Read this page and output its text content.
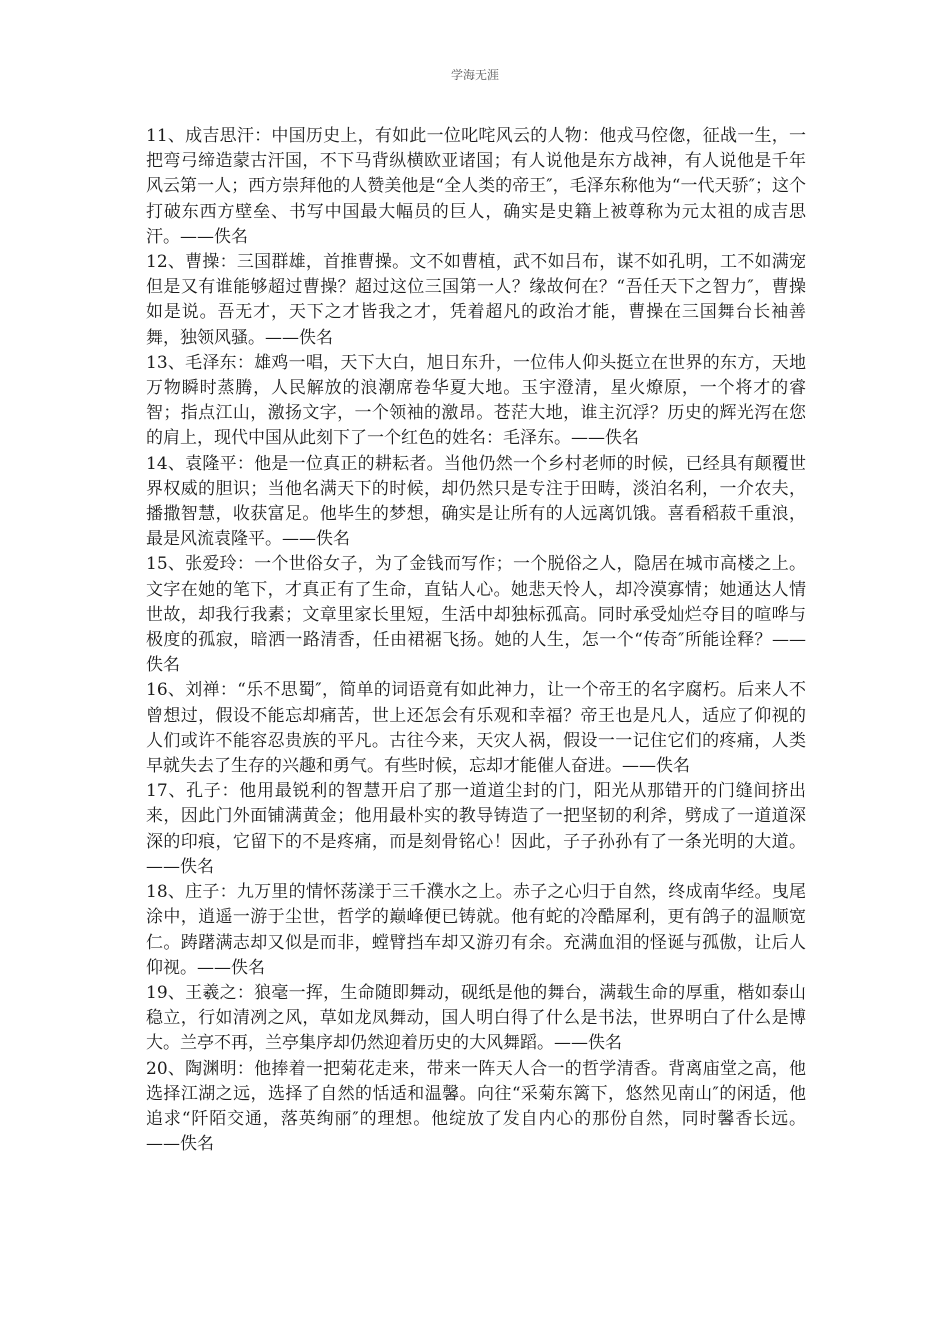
学海无涯

11、成吉思汗：中国历史上，有如此一位叱咤风云的人物：他戎马倥偬，征战一生，一把弯弓缔造蒙古汗国，不下马背纵横欧亚诸国；有人说他是东方战神，有人说他是千年风云第一人；西方崇拜他的人赞美他是“全人类的帝王″，毛泽东称他为“一代天骄″；这个打破东西方壁垒、书写中国最大幅员的巨人，确实是史籍上被尊称为元太祖的成吉思汗。——佚名

12、曹操：三国群雄，首推曹操。文不如曹植，武不如吕布，谋不如孔明，工不如满宠但是又有谁能够超过曹操？超过这位三国第一人？缘故何在？“吾任天下之智力″，曹操如是说。吾无才，天下之才皆我之才，凭着超凡的政治才能，曹操在三国舞台长袖善舞，独领风骚。——佚名

13、毛泽东：雄鸡一唱，天下大白，旭日东升，一位伟人仰头挺立在世界的东方，天地万物瞬时蒸腾，人民解放的浪潮席卷华夏大地。玉宇澄清，星火燎原，一个将才的睿智；指点江山，激扬文字，一个领袖的激昂。苍茫大地，谁主沉浮？历史的辉光泻在您的肩上，现代中国从此刻下了一个红色的姓名：毛泽东。——佚名

14、袁隆平：他是一位真正的耕耘者。当他仍然一个乡村老师的时候，已经具有颠覆世界权威的胆识；当他名满天下的时候，却仍然只是专注于田畴，淡泊名利，一介农夫，播撒智慧，收获富足。他毕生的梦想，确实是让所有的人远离饥饿。喜看稻菽千重浪，最是风流袁隆平。——佚名

15、张爱玲：一个世俗女子，为了金钱而写作；一个脱俗之人，隐居在城市高楼之上。文字在她的笔下，才真正有了生命，直钻人心。她悲天怜人，却冷漠寡情；她通达人情世故，却我行我素；文章里家长里短，生活中却独标孤高。同时承受灿烂夺目的喧哗与极度的孤寂，暗洒一路清香，任由裙裾飞扬。她的人生，怎一个“传奇″所能诠释？——佚名

16、刘禅：“乐不思蜀″，简单的词语竟有如此神力，让一个帝王的名字腐朽。后来人不曾想过，假设不能忘却痛苦，世上还怎会有乐观和幸福？帝王也是凡人，适应了仰视的人们或许不能容忍贵族的平凡。古往今来，天灾人祸，假设一一记住它们的疼痛，人类早就失去了生存的兴趣和勇气。有些时候，忘却才能催人奋进。——佚名

17、孔子：他用最锐利的智慧开启了那一道道尘封的门，阳光从那错开的门缝间挤出来，因此门外面铺满黄金；他用最朴实的教导铸造了一把坚韧的利斧，劈成了一道道深深的印痕，它留下的不是疼痛，而是刻骨铭心！因此，子子孙孙有了一条光明的大道。——佚名

18、庄子：九万里的情怀荡漾于三千濮水之上。赤子之心归于自然，终成南华经。曳尾涂中，逍遥一游于尘世，哲学的巅峰便已铸就。他有蛇的冷酷犀利，更有鸽子的温顺宽仁。踌躇满志却又似是而非，螳臂挡车却又游刃有余。充满血泪的怪诞与孤傲，让后人仰视。——佚名

19、王羲之：狼毫一挥，生命随即舞动，砚纸是他的舞台，满载生命的厚重，楷如泰山稳立，行如清冽之风，草如龙凤舞动，国人明白得了什么是书法，世界明白了什么是博大。兰亭不再，兰亭集序却仍然迎着历史的大风舞蹈。——佚名

20、陶渊明：他捧着一把菊花走来，带来一阵天人合一的哲学清香。背离庙堂之高，他选择江湖之远，选择了自然的恬适和温馨。向往“采菊东篱下，悠然见南山″的闲适，他追求“阡陌交通，落英绚丽″的理想。他绽放了发自内心的那份自然，同时馨香长远。——佚名
